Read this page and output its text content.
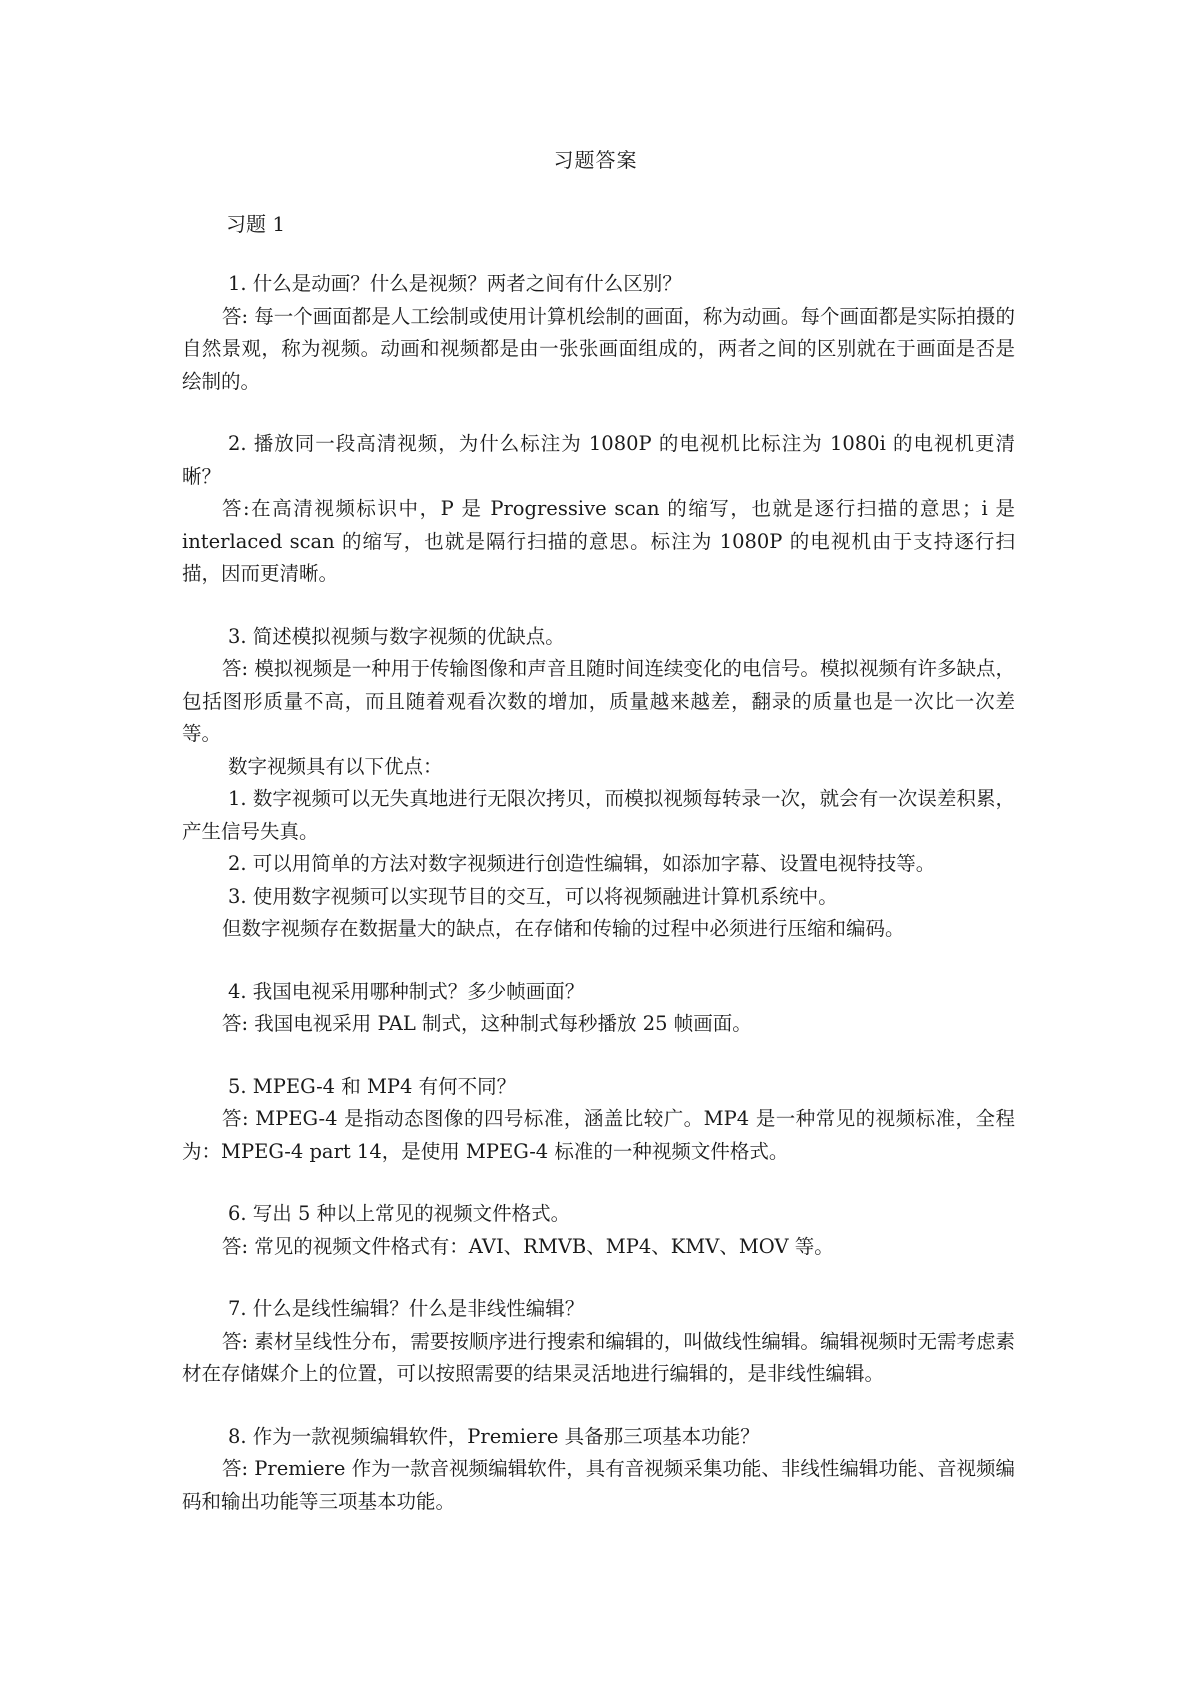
习题答案
习题 1

1. 什么是动画？什么是视频？两者之间有什么区别？

答: 每一个画面都是人工绘制或使用计算机绘制的画面，称为动画。每个画面都是实际拍摄的自然景观，称为视频。动画和视频都是由一张张画面组成的，两者之间的区别就在于画面是否是绘制的。

2. 播放同一段高清视频，为什么标注为 1080P 的电视机比标注为 1080i 的电视机更清晰？

答:在高清视频标识中，P 是 Progressive scan 的缩写，也就是逐行扫描的意思；i 是 interlaced scan 的缩写，也就是隔行扫描的意思。标注为 1080P 的电视机由于支持逐行扫描，因而更清晰。

3. 简述模拟视频与数字视频的优缺点。

答: 模拟视频是一种用于传输图像和声音且随时间连续变化的电信号。模拟视频有许多缺点，包括图形质量不高，而且随着观看次数的增加，质量越来越差，翻录的质量也是一次比一次差等。

数字视频具有以下优点：

1. 数字视频可以无失真地进行无限次拷贝，而模拟视频每转录一次，就会有一次误差积累，产生信号失真。

2. 可以用简单的方法对数字视频进行创造性编辑，如添加字幕、设置电视特技等。

3. 使用数字视频可以实现节目的交互，可以将视频融进计算机系统中。

但数字视频存在数据量大的缺点，在存储和传输的过程中必须进行压缩和编码。

4. 我国电视采用哪种制式？多少帧画面？

答: 我国电视采用 PAL 制式，这种制式每秒播放 25 帧画面。

5. MPEG-4 和 MP4 有何不同？

答: MPEG-4 是指动态图像的四号标准，涵盖比较广。MP4 是一种常见的视频标准，全程为：MPEG-4 part 14，是使用 MPEG-4 标准的一种视频文件格式。

6. 写出 5 种以上常见的视频文件格式。

答: 常见的视频文件格式有：AVI、RMVB、MP4、KMV、MOV 等。

7. 什么是线性编辑？什么是非线性编辑？

答: 素材呈线性分布，需要按顺序进行搜索和编辑的，叫做线性编辑。编辑视频时无需考虑素材在存储媒介上的位置，可以按照需要的结果灵活地进行编辑的，是非线性编辑。

8. 作为一款视频编辑软件，Premiere 具备那三项基本功能？

答: Premiere 作为一款音视频编辑软件，具有音视频采集功能、非线性编辑功能、音视频编码和输出功能等三项基本功能。
